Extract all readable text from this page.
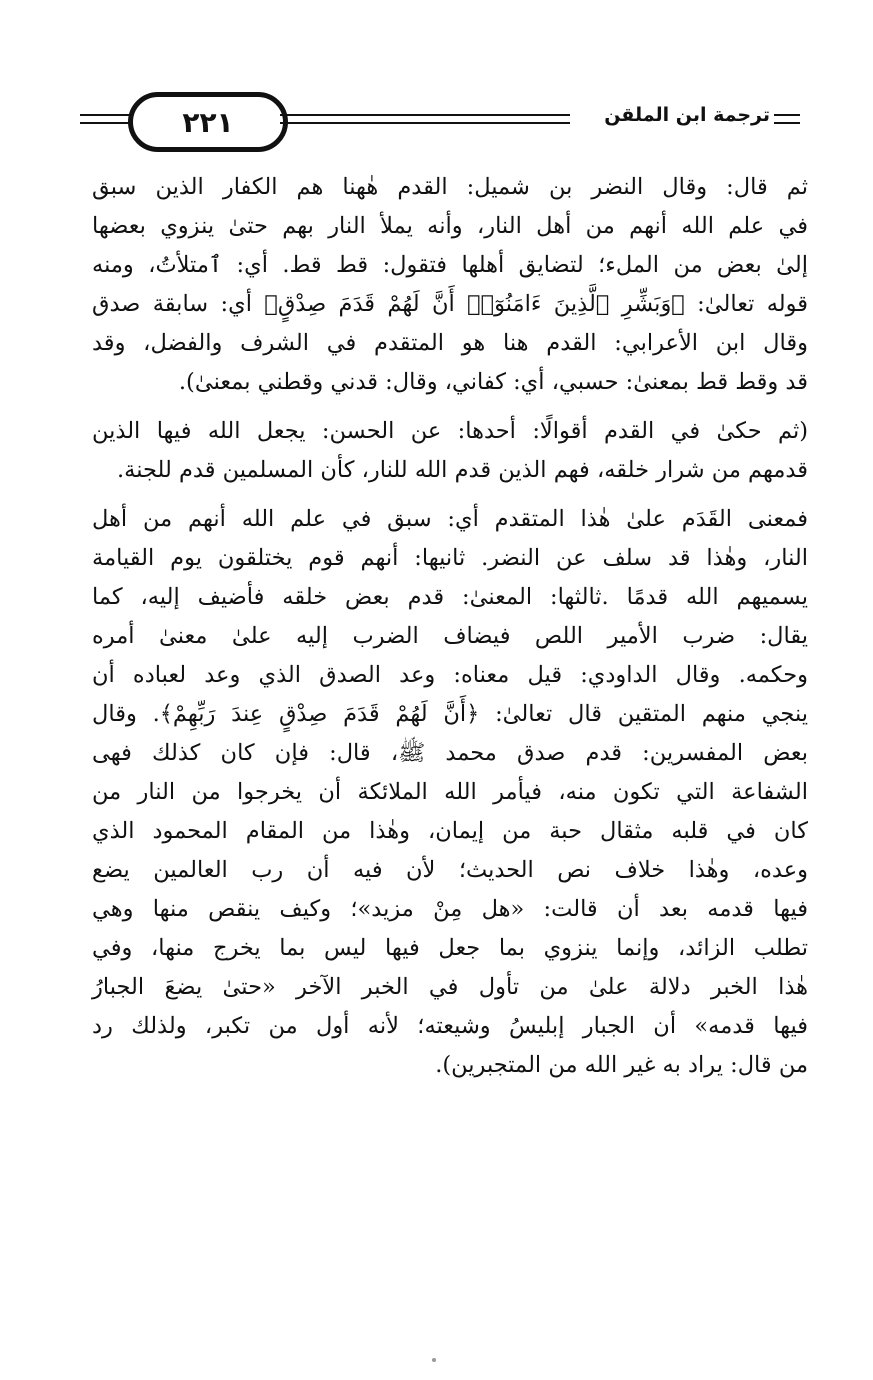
٢٢١	ترجمة ابن الملقن
ثم قال: وقال النضر بن شميل: القدم هٰهنا هم الكفار الذين سبق
في علم الله أنهم من أهل النار، وأنه يملأ النار بهم حتىٰ ينزوي بعضها
إلىٰ بعض من الملء؛ لتضايق أهلها فتقول: قط قط. أي: ٱمتلأتُ، ومنه
قوله تعالىٰ: ﴿وَبَشِّرِ ٱلَّذِينَ ءَامَنُوٓا۟ أَنَّ لَهُمْ قَدَمَ صِدْقٍ﴾ أي: سابقة صدق
وقال ابن الأعرابي: القدم هنا هو المتقدم في الشرف والفضل، وقد
قد وقط قط بمعنىٰ: حسبي، أي: كفاني، وقال: قدني وقطني بمعنىٰ).
(ثم حكىٰ في القدم أقوالًا: أحدها: عن الحسن: يجعل الله فيها الذين
قدمهم من شرار خلقه، فهم الذين قدم الله للنار، كأن المسلمين قدم للجنة.
فمعنى القَدَم علىٰ هٰذا المتقدم أي: سبق في علم الله أنهم من أهل
النار، وهٰذا قد سلف عن النضر. ثانيها: أنهم قوم يختلقون يوم القيامة
يسميهم الله قدمًا .ثالثها: المعنىٰ: قدم بعض خلقه فأضيف إليه، كما
يقال: ضرب الأمير اللص فيضاف الضرب إليه علىٰ معنىٰ أمره
وحكمه. وقال الداودي: قيل معناه: وعد الصدق الذي وعد لعباده أن
ينجي منهم المتقين قال تعالىٰ: ﴿أَنَّ لَهُمْ قَدَمَ صِدْقٍ عِندَ رَبِّهِمْ﴾. وقال
بعض المفسرين: قدم صدق محمد ﷺ، قال: فإن كان كذلك فهى
الشفاعة التي تكون منه، فيأمر الله الملائكة أن يخرجوا من النار من
كان في قلبه مثقال حبة من إيمان، وهٰذا من المقام المحمود الذي
وعده، وهٰذا خلاف نص الحديث؛ لأن فيه أن رب العالمين يضع
فيها قدمه بعد أن قالت: «هل مِنْ مزيد»؛ وكيف ينقص منها وهي
تطلب الزائد، وإنما ينزوي بما جعل فيها ليس بما يخرج منها، وفي
هٰذا الخبر دلالة علىٰ من تأول في الخبر الآخر «حتىٰ يضعَ الجبارُ
فيها قدمه» أن الجبار إبليسُ وشيعته؛ لأنه أول من تكبر، ولذلك رد
من قال: يراد به غير الله من المتجبرين).
